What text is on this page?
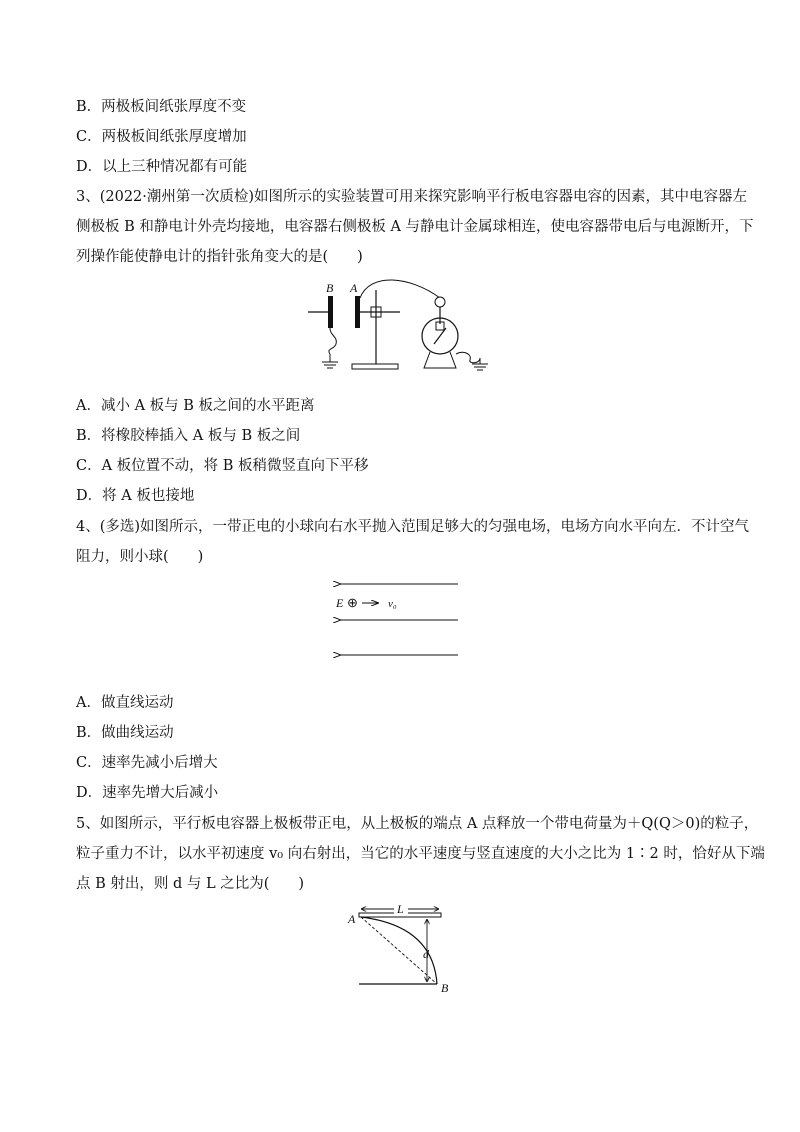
B．两极板间纸张厚度不变
C．两极板间纸张厚度增加
D．以上三种情况都有可能
3、(2022·潮州第一次质检)如图所示的实验装置可用来探究影响平行板电容器电容的因素，其中电容器左
侧极板 B 和静电计外壳均接地，电容器右侧极板 A 与静电计金属球相连，使电容器带电后与电源断开，下
列操作能使静电计的指针张角变大的是(　　)
B A
A．减小 A 板与 B 板之间的水平距离
B．将橡胶棒插入 A 板与 B 板之间
C．A 板位置不动，将 B 板稍微竖直向下平移
D．将 A 板也接地
4、(多选)如图所示，一带正电的小球向右水平抛入范围足够大的匀强电场，电场方向水平向左．不计空气
阻力，则小球(　　)
E ⊕	v₀
A．做直线运动
B．做曲线运动
C．速率先减小后增大
D．速率先增大后减小
5、如图所示，平行板电容器上极板带正电，从上极板的端点 A 点释放一个带电荷量为＋Q(Q＞0)的粒子，
粒子重力不计，以水平初速度 v₀ 向右射出，当它的水平速度与竖直速度的大小之比为 1∶2 时，恰好从下端
点 B 射出，则 d 与 L 之比为(　　)
L
A
d
B
